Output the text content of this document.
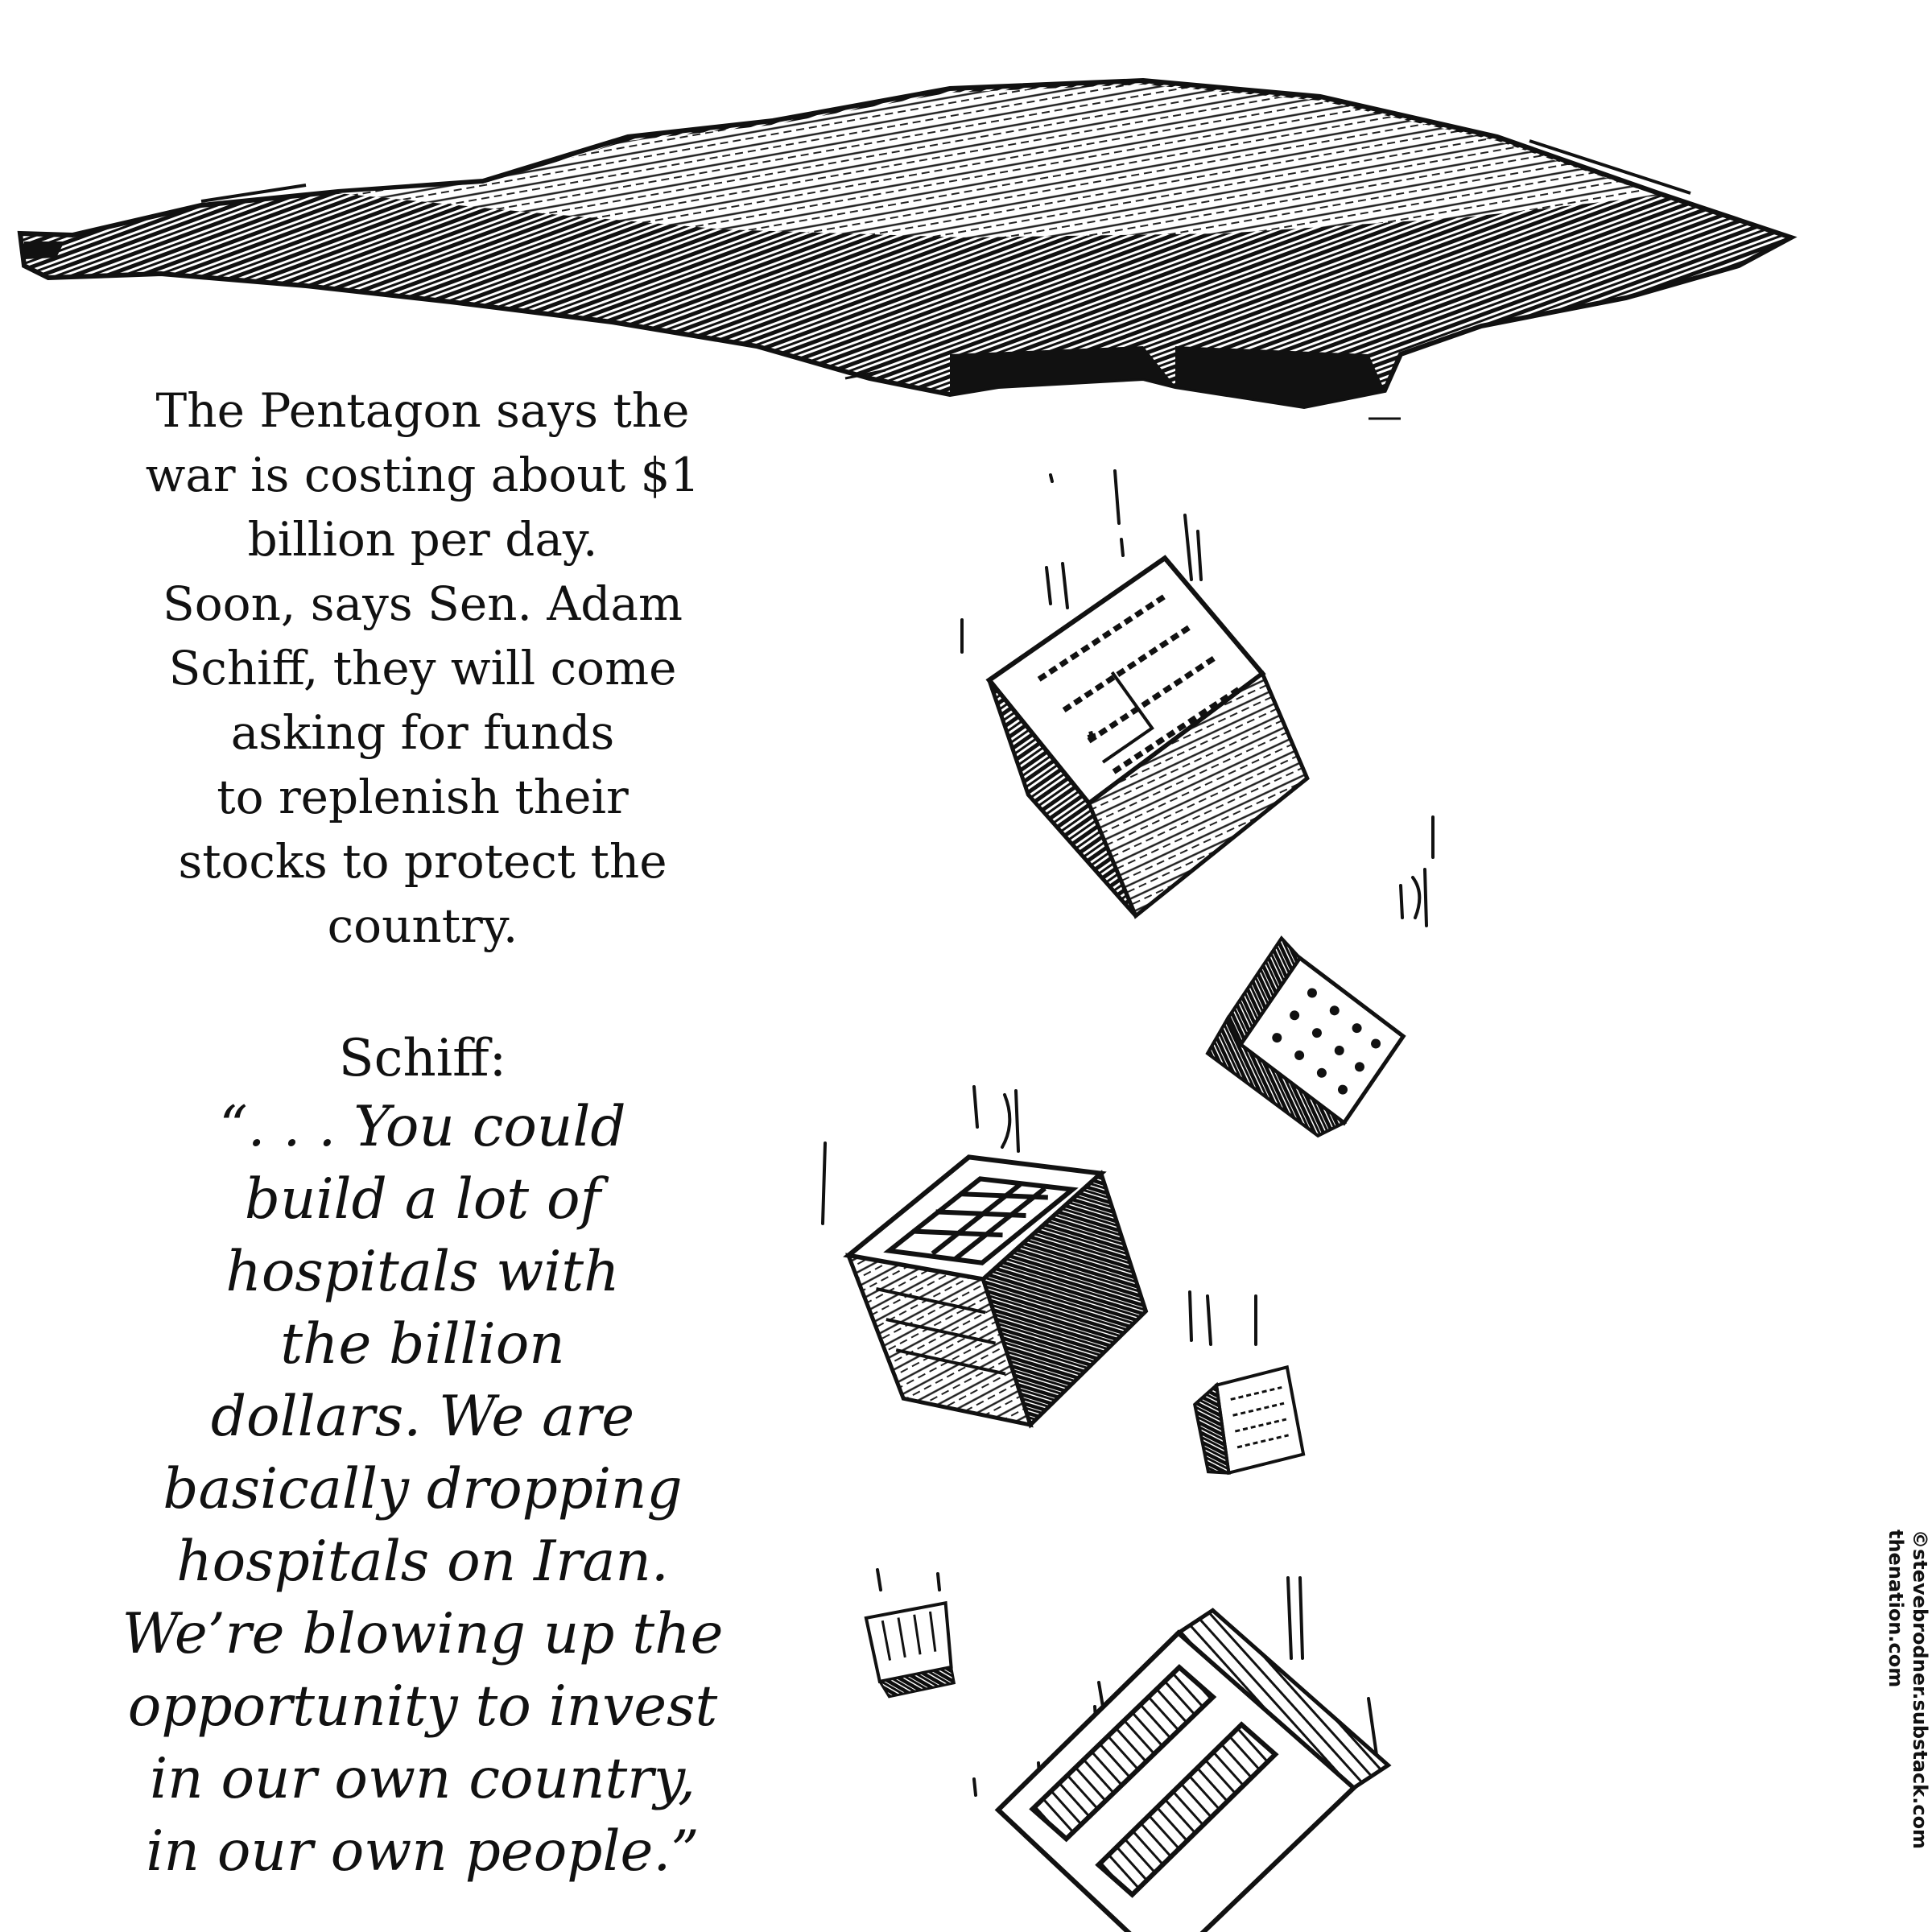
The Pentagon says the
war is costing about $1
billion per day.
Soon, says Sen. Adam
Schiff, they will come
asking for funds
to replenish their
stocks to protect the
country.
Schiff:
“. . . You could
build a lot of
hospitals with
the billion
dollars. We are
basically dropping
hospitals on Iran.
We’re blowing up the
opportunity to invest
in our own country,
in our own people.”
©stevebrodner.substack.com
thenation.com
